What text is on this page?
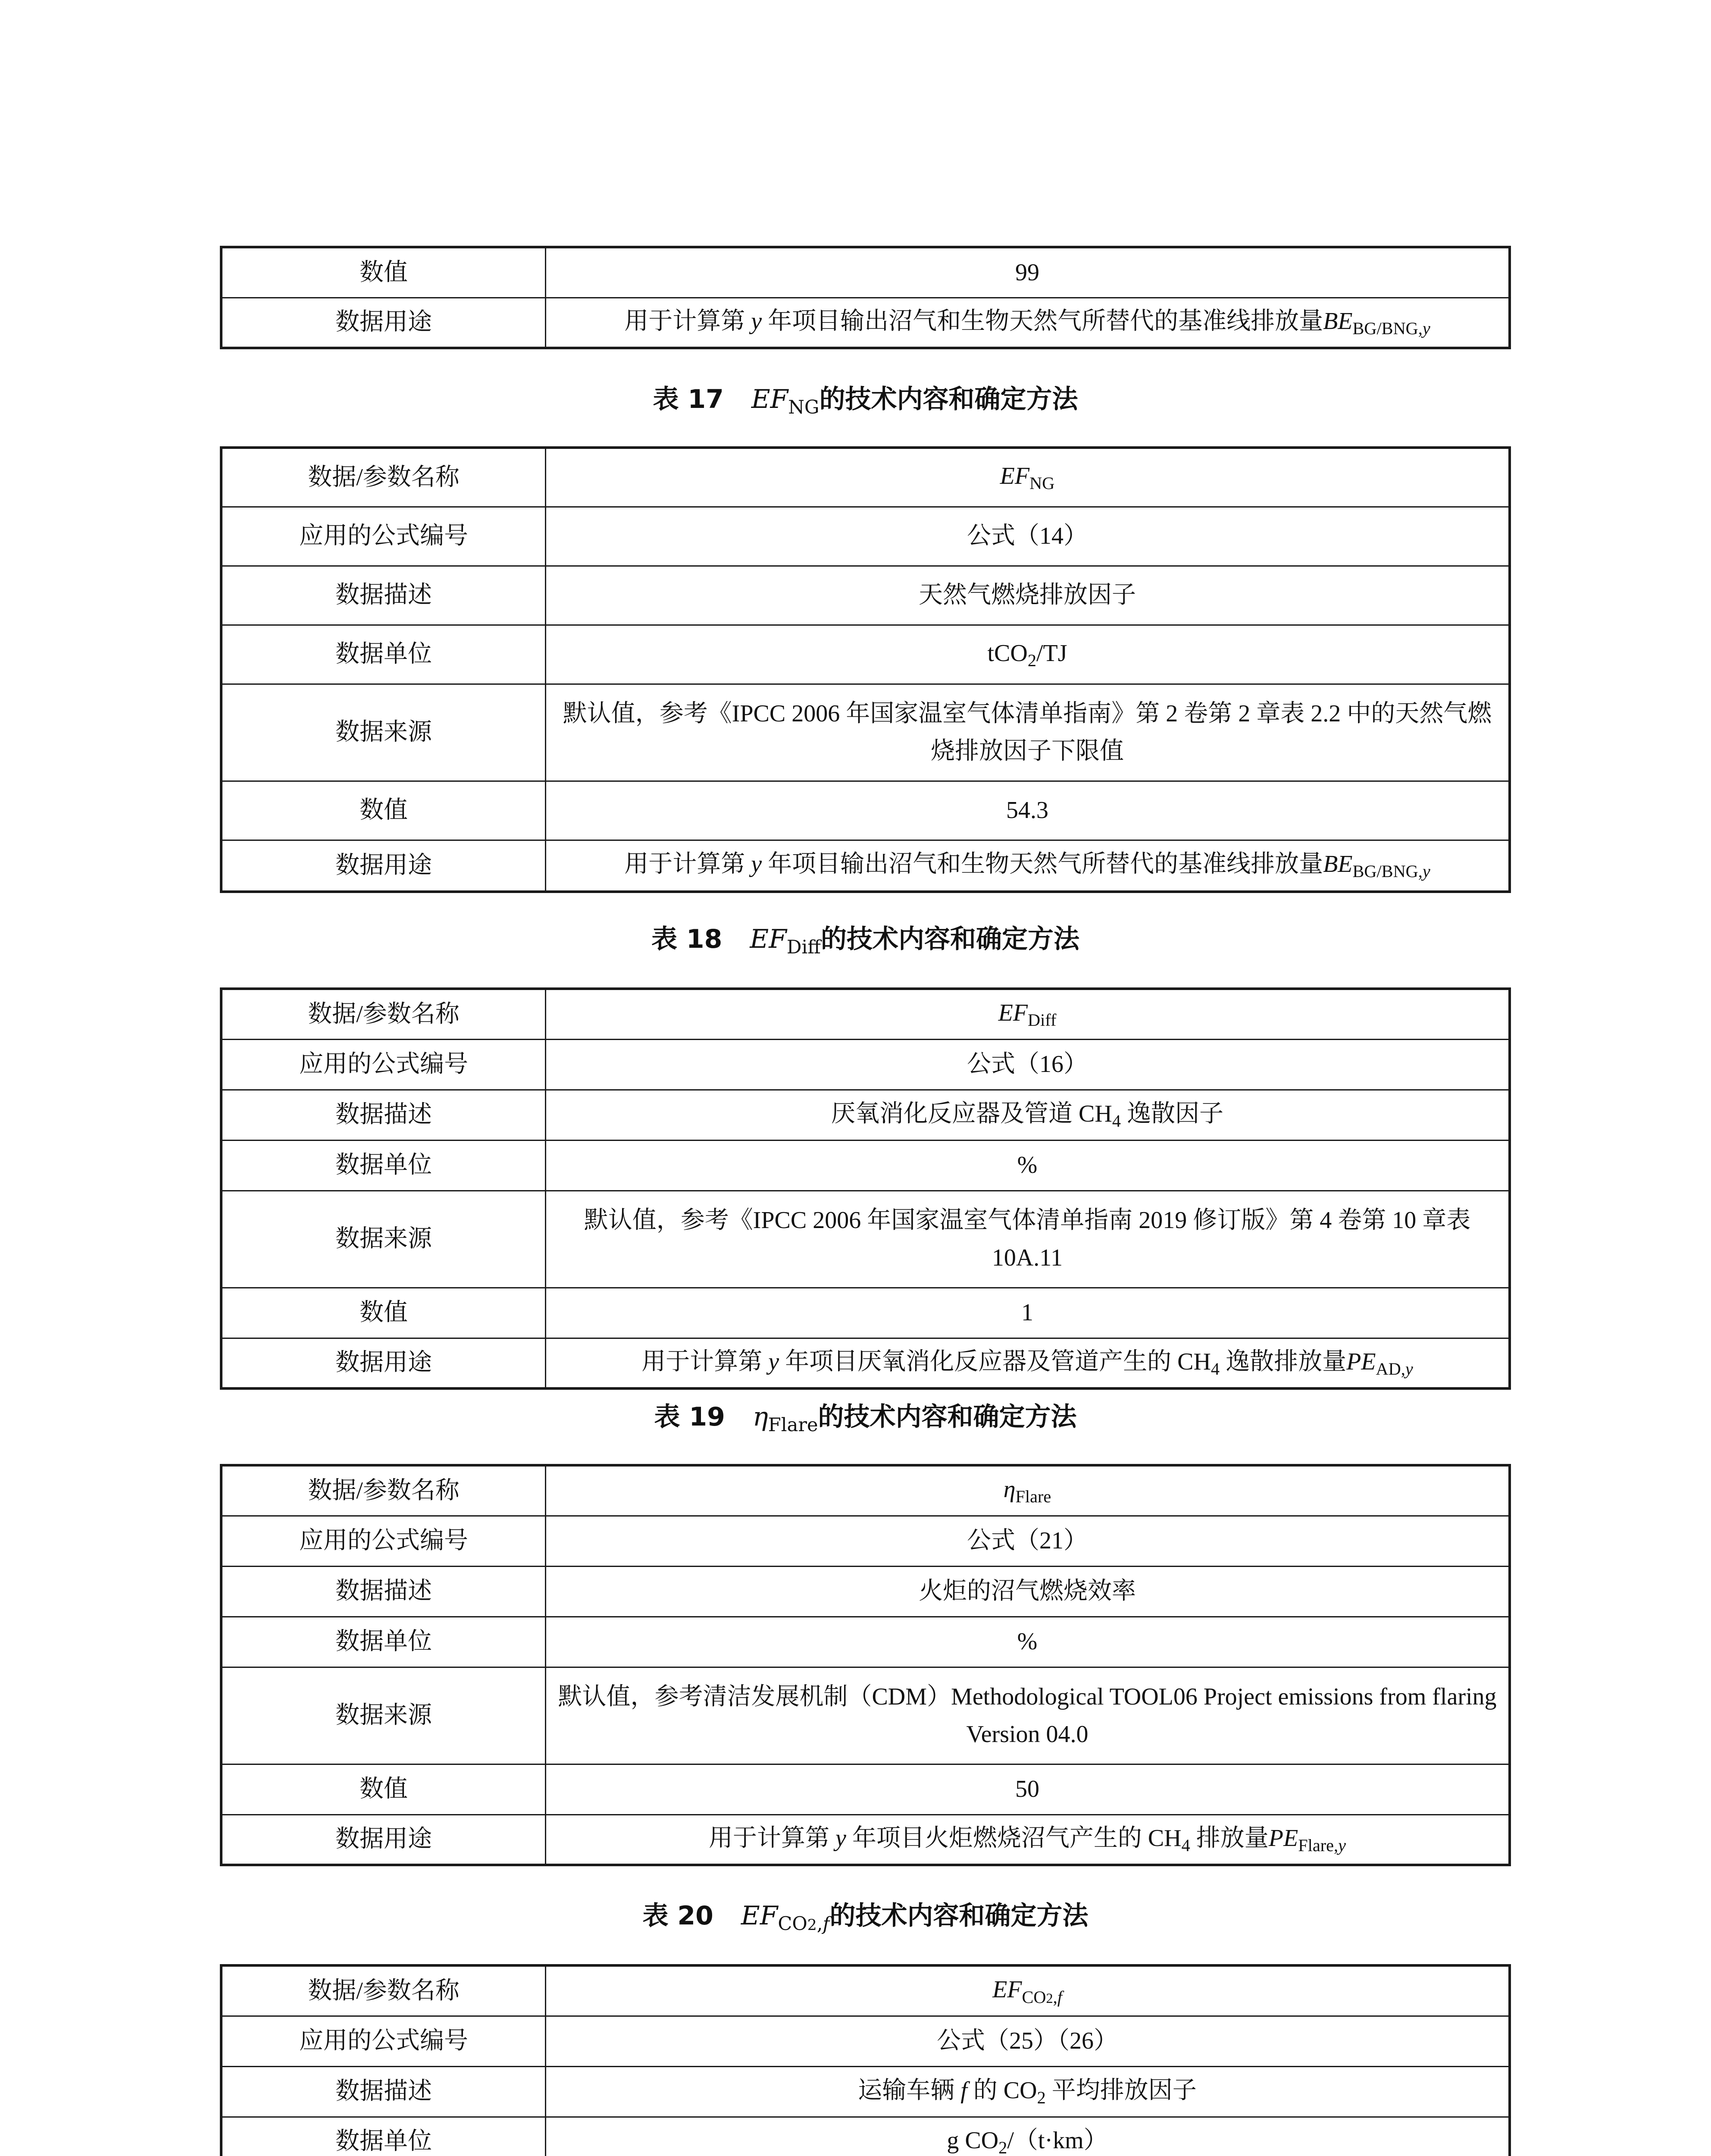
数值	99
数据用途	用于计算第 y 年项目输出沼气和生物天然气所替代的基准线排放量$BE_{BG/BNG,y}$
表 17 $EF_{NG}$的技术内容和确定方法
数据/参数名称	$EF_{NG}$
应用的公式编号	公式（14）
数据描述	天然气燃烧排放因子
数据单位	tCO$_2$/TJ
数据来源	默认值，参考《IPCC 2006 年国家温室气体清单指南》第 2 卷第 2 章表 2.2 中的天然气燃烧排放因子下限值
数值	54.3
数据用途	用于计算第 y 年项目输出沼气和生物天然气所替代的基准线排放量$BE_{BG/BNG,y}$
表 18 $EF_{Diff}$的技术内容和确定方法
数据/参数名称	$EF_{Diff}$
应用的公式编号	公式（16）
数据描述	厌氧消化反应器及管道 $CH_4$ 逸散因子
数据单位	%
数据来源	默认值，参考《IPCC 2006 年国家温室气体清单指南 2019 修订版》第 4 卷第 10 章表 10A.11
数值	1
数据用途	用于计算第 y 年项目厌氧消化反应器及管道产生的 $CH_4$ 逸散排放量$PE_{AD,y}$
表 19 $\eta_{Flare}$的技术内容和确定方法
数据/参数名称	$\eta_{Flare}$
应用的公式编号	公式（21）
数据描述	火炬的沼气燃烧效率
数据单位	%
数据来源	默认值，参考清洁发展机制（CDM）Methodological TOOL06 Project emissions from flaring Version 04.0
数值	50
数据用途	用于计算第 y 年项目火炬燃烧沼气产生的 $CH_4$ 排放量$PE_{Flare,y}$
表 20 $EF_{CO2,f}$的技术内容和确定方法
数据/参数名称	$EF_{CO2,f}$
应用的公式编号	公式（25）（26）
数据描述	运输车辆 f 的 $CO_2$ 平均排放因子
数据单位	g $CO_2/(t\cdot km)$
